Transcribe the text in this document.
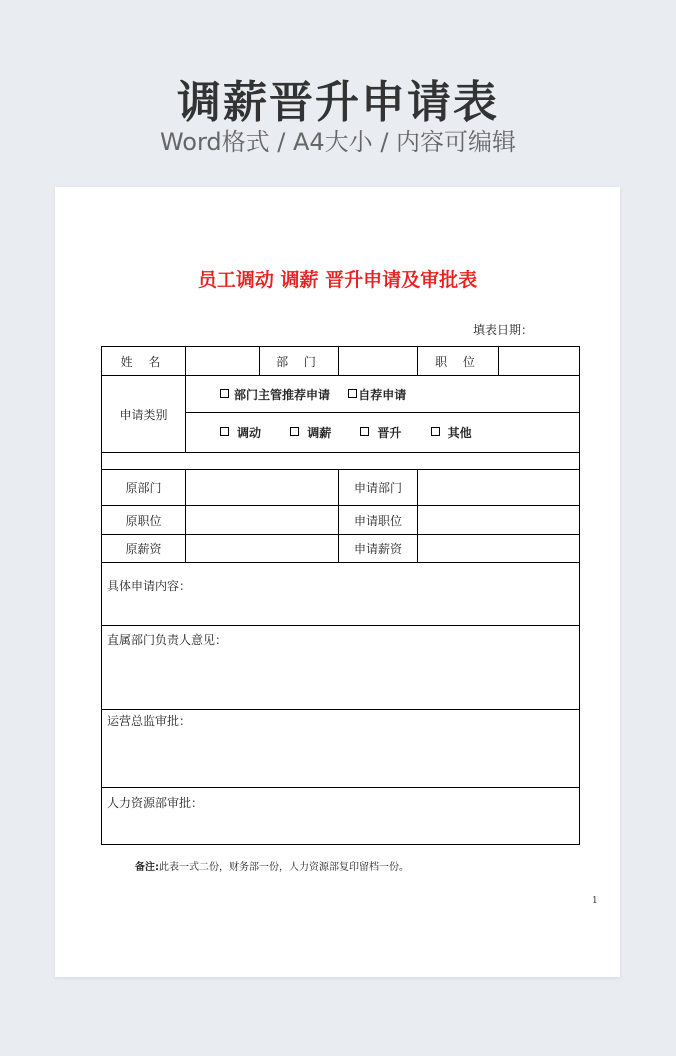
调薪晋升申请表
Word格式 / A4大小 / 内容可编辑
员工调动 调薪 晋升申请及审批表
填表日期：
姓 名		部 门		职 位	
申请类别	部门主管推荐申请 自荐申请				
	调动 调薪 晋升 其他				

原部门			申请部门		
原职位			申请职位		
原薪资			申请薪资		
具体申请内容：					
直属部门负责人意见：					
运营总监审批：					
人力资源部审批：					
备注:此表一式二份，财务部一份，人力资源部复印留档一份。
1
